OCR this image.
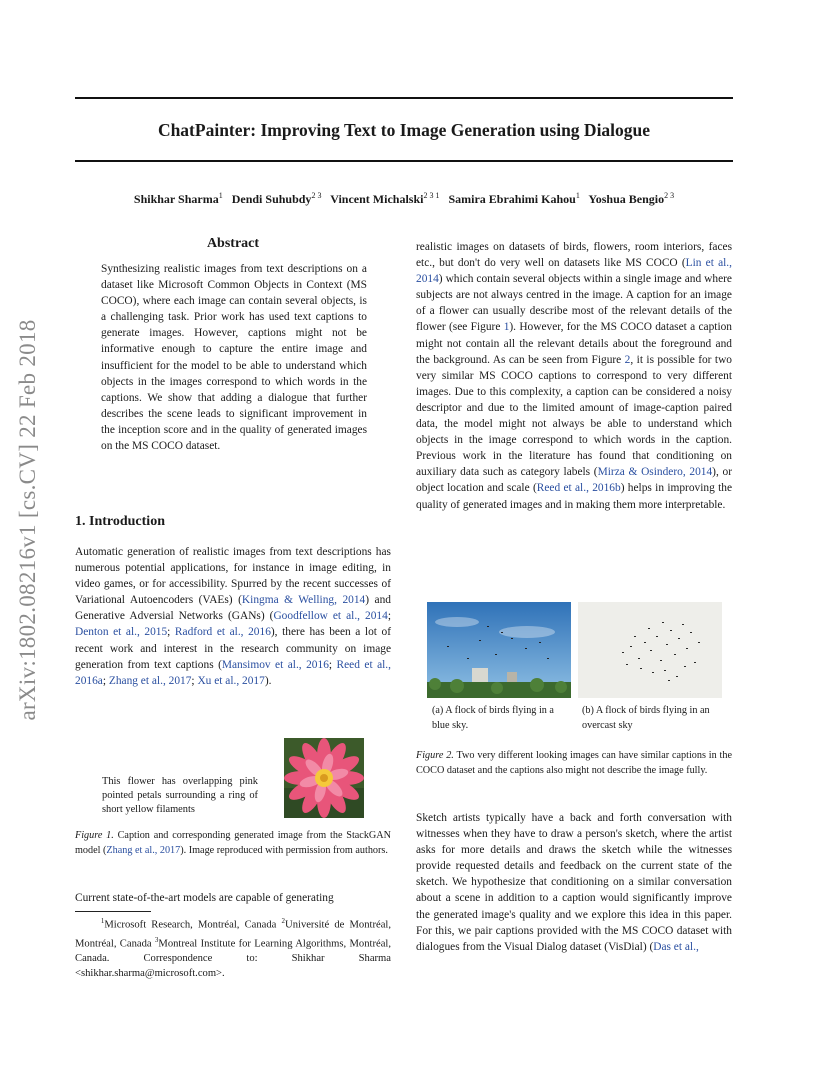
arXiv:1802.08216v1 [cs.CV] 22 Feb 2018
ChatPainter: Improving Text to Image Generation using Dialogue
Shikhar Sharma$^1$ Dendi Suhubdy$^{2 3}$ Vincent Michalski$^{2 3 1}$ Samira Ebrahimi Kahou$^1$ Yoshua Bengio$^{2 3}$
Abstract
Synthesizing realistic images from text descriptions on a dataset like Microsoft Common Objects in Context (MS COCO), where each image can contain several objects, is a challenging task. Prior work has used text captions to generate images. However, captions might not be informative enough to capture the entire image and insufficient for the model to be able to understand which objects in the images correspond to which words in the captions. We show that adding a dialogue that further describes the scene leads to significant improvement in the inception score and in the quality of generated images on the MS COCO dataset.
1. Introduction
Automatic generation of realistic images from text descriptions has numerous potential applications, for instance in image editing, in video games, or for accessibility. Spurred by the recent successes of Variational Autoencoders (VAEs) (Kingma & Welling, 2014) and Generative Adversial Networks (GANs) (Goodfellow et al., 2014; Denton et al., 2015; Radford et al., 2016), there has been a lot of recent work and interest in the research community on image generation from text captions (Mansimov et al., 2016; Reed et al., 2016a; Zhang et al., 2017; Xu et al., 2017).
This flower has overlapping pink pointed petals surrounding a ring of short yellow filaments
Figure 1. Caption and corresponding generated image from the StackGAN model (Zhang et al., 2017). Image reproduced with permission from authors.
Current state-of-the-art models are capable of generating
$^1$Microsoft Research, Montréal, Canada $^2$Université de Montréal, Montréal, Canada $^3$Montreal Institute for Learning Algorithms, Montréal, Canada. Correspondence to: Shikhar Sharma <shikhar.sharma@microsoft.com>.
realistic images on datasets of birds, flowers, room interiors, faces etc., but don't do very well on datasets like MS COCO (Lin et al., 2014) which contain several objects within a single image and where subjects are not always centred in the image. A caption for an image of a flower can usually describe most of the relevant details of the flower (see Figure 1). However, for the MS COCO dataset a caption might not contain all the relevant details about the foreground and the background. As can be seen from Figure 2, it is possible for two very similar MS COCO captions to correspond to very different images. Due to this complexity, a caption can be considered a noisy descriptor and due to the limited amount of image-caption paired data, the model might not always be able to understand which objects in the image correspond to which words in the caption. Previous work in the literature has found that conditioning on auxiliary data such as category labels (Mirza & Osindero, 2014), or object location and scale (Reed et al., 2016b) helps in improving the quality of generated images and in making them more interpretable.
(a) A flock of birds flying in a blue sky.
(b) A flock of birds flying in an overcast sky
Figure 2. Two very different looking images can have similar captions in the COCO dataset and the captions also might not describe the image fully.
Sketch artists typically have a back and forth conversation with witnesses when they have to draw a person's sketch, where the artist asks for more details and draws the sketch while the witnesses provide requested details and feedback on the current state of the sketch. We hypothesize that conditioning on a similar conversation about a scene in addition to a caption would significantly improve the generated image's quality and we explore this idea in this paper. For this, we pair captions provided with the MS COCO dataset with dialogues from the Visual Dialog dataset (VisDial) (Das et al.,
